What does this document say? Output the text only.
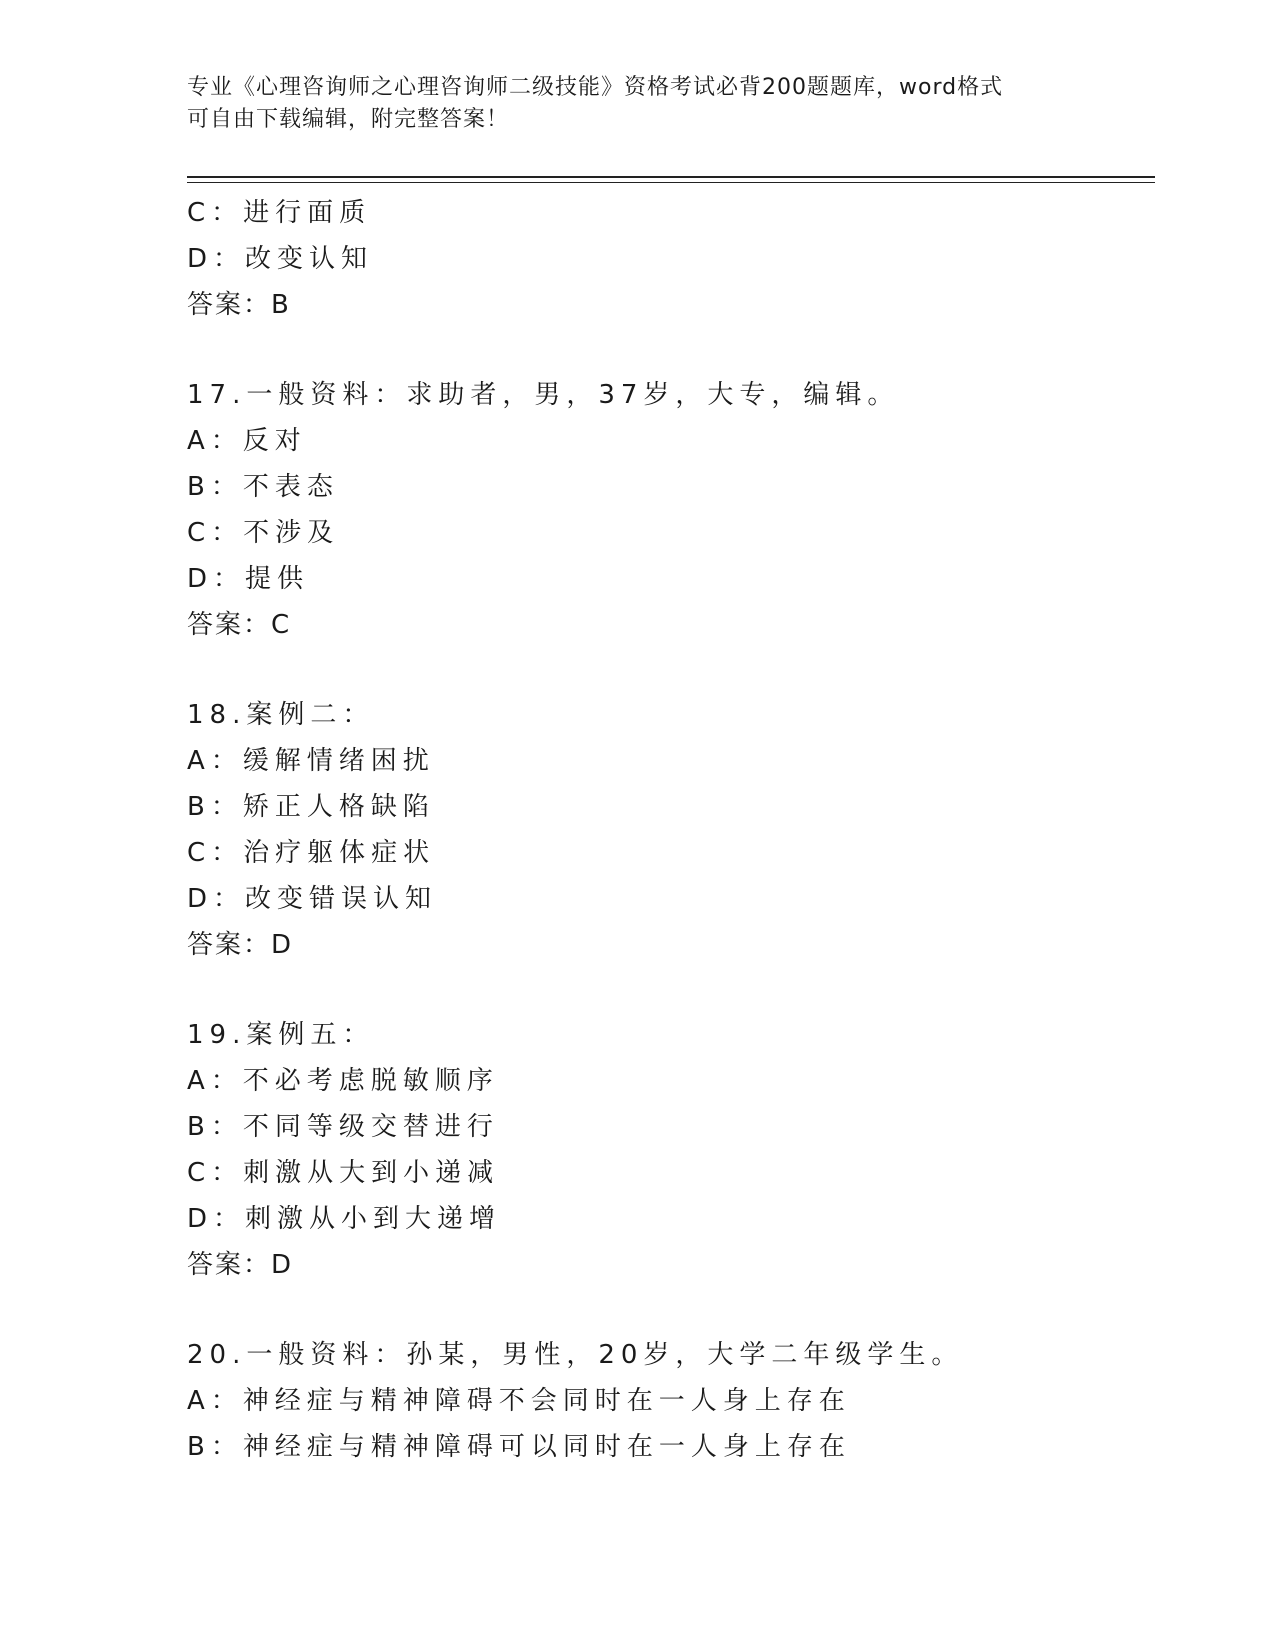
专业《心理咨询师之心理咨询师二级技能》资格考试必背200题题库，word格式
可自由下载编辑，附完整答案！
C：进行面质
D：改变认知
答案：B
17.一般资料：求助者，男，37岁，大专，编辑。
A：反对
B：不表态
C：不涉及
D：提供
答案：C
18.案例二：
A：缓解情绪困扰
B：矫正人格缺陷
C：治疗躯体症状
D：改变错误认知
答案：D
19.案例五：
A：不必考虑脱敏顺序
B：不同等级交替进行
C：刺激从大到小递减
D：刺激从小到大递增
答案：D
20.一般资料：孙某，男性，20岁，大学二年级学生。
A：神经症与精神障碍不会同时在一人身上存在
B：神经症与精神障碍可以同时在一人身上存在
